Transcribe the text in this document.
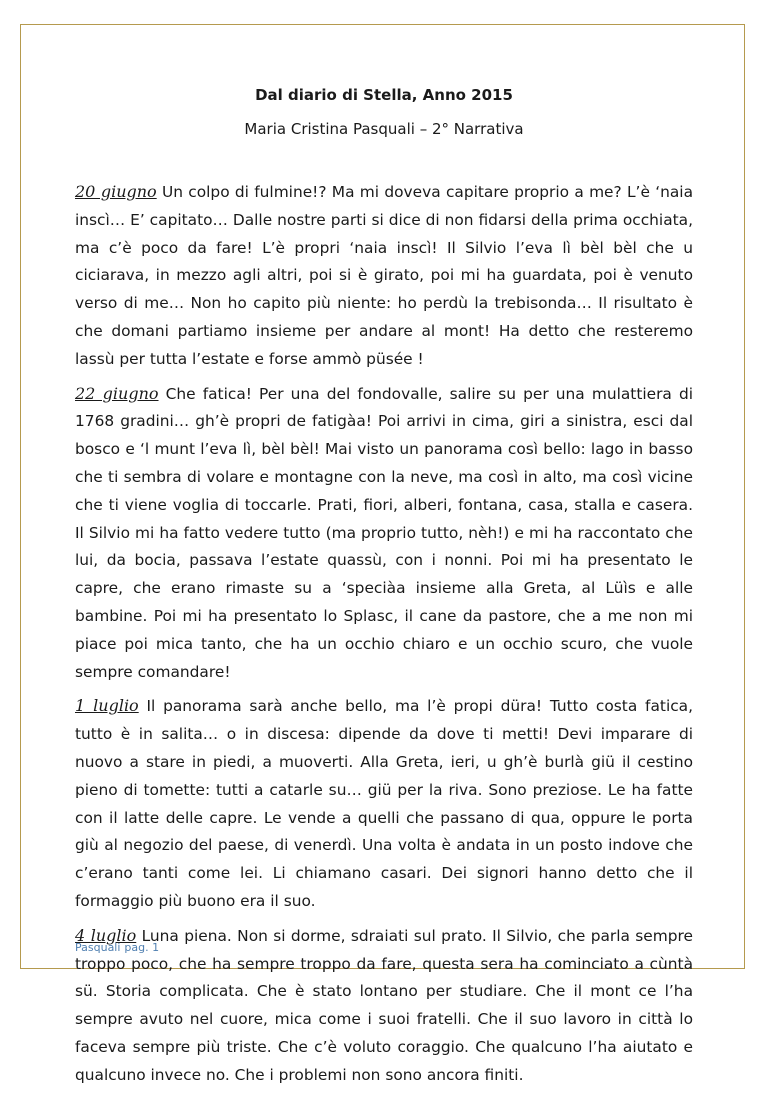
Dal diario di Stella, Anno 2015
Maria Cristina Pasquali – 2° Narrativa

20 giugno Un colpo di fulmine!? Ma mi doveva capitare proprio a me? L’è ‘naia inscì… E’ capitato… Dalle nostre parti si dice di non fidarsi della prima occhiata, ma c’è poco da fare! L’è propri ‘naia inscì! Il Silvio l’eva lì bèl bèl che u ciciarava, in mezzo agli altri, poi si è girato, poi mi ha guardata, poi è venuto verso di me… Non ho capito più niente: ho perdù la trebisonda… Il risultato è che domani partiamo insieme per andare al mont! Ha detto che resteremo lassù per tutta l’estate e forse ammò püsée !

22 giugno Che fatica! Per una del fondovalle, salire su per una mulattiera di 1768 gradini… gh’è propri de fatigàa! Poi arrivi in cima, giri a sinistra, esci dal bosco e ‘l munt l’eva lì, bèl bèl! Mai visto un panorama così bello: lago in basso che ti sembra di volare e montagne con la neve, ma così in alto, ma così vicine che ti viene voglia di toccarle. Prati, fiori, alberi, fontana, casa, stalla e casera. Il Silvio mi ha fatto vedere tutto (ma proprio tutto, nèh!) e mi ha raccontato che lui, da bocia, passava l’estate quassù, con i nonni. Poi mi ha presentato le capre, che erano rimaste su a ‘speciàa insieme alla Greta, al Lüìs e alle bambine. Poi mi ha presentato lo Splasc, il cane da pastore, che a me non mi piace poi mica tanto, che ha un occhio chiaro e un occhio scuro, che vuole sempre comandare!

1 luglio Il panorama sarà anche bello, ma l’è propi düra! Tutto costa fatica, tutto è in salita… o in discesa: dipende da dove ti metti! Devi imparare di nuovo a stare in piedi, a muoverti. Alla Greta, ieri, u gh’è burlà giü il cestino pieno di tomette: tutti a catarle su… giü per la riva. Sono preziose. Le ha fatte con il latte delle capre. Le vende a quelli che passano di qua, oppure le porta giù al negozio del paese, di venerdì. Una volta è andata in un posto indove che c’erano tanti come lei. Li chiamano casari. Dei signori hanno detto che il formaggio più buono era il suo.

4 luglio Luna piena. Non si dorme, sdraiati sul prato. Il Silvio, che parla sempre troppo poco, che ha sempre troppo da fare, questa sera ha cominciato a cùntà sü. Storia complicata. Che è stato lontano per studiare. Che il mont ce l’ha sempre avuto nel cuore, mica come i suoi fratelli. Che il suo lavoro in città lo faceva sempre più triste. Che c’è voluto coraggio. Che qualcuno l’ha aiutato e qualcuno invece no. Che i problemi non sono ancora finiti.

Pasquali pag. 1
